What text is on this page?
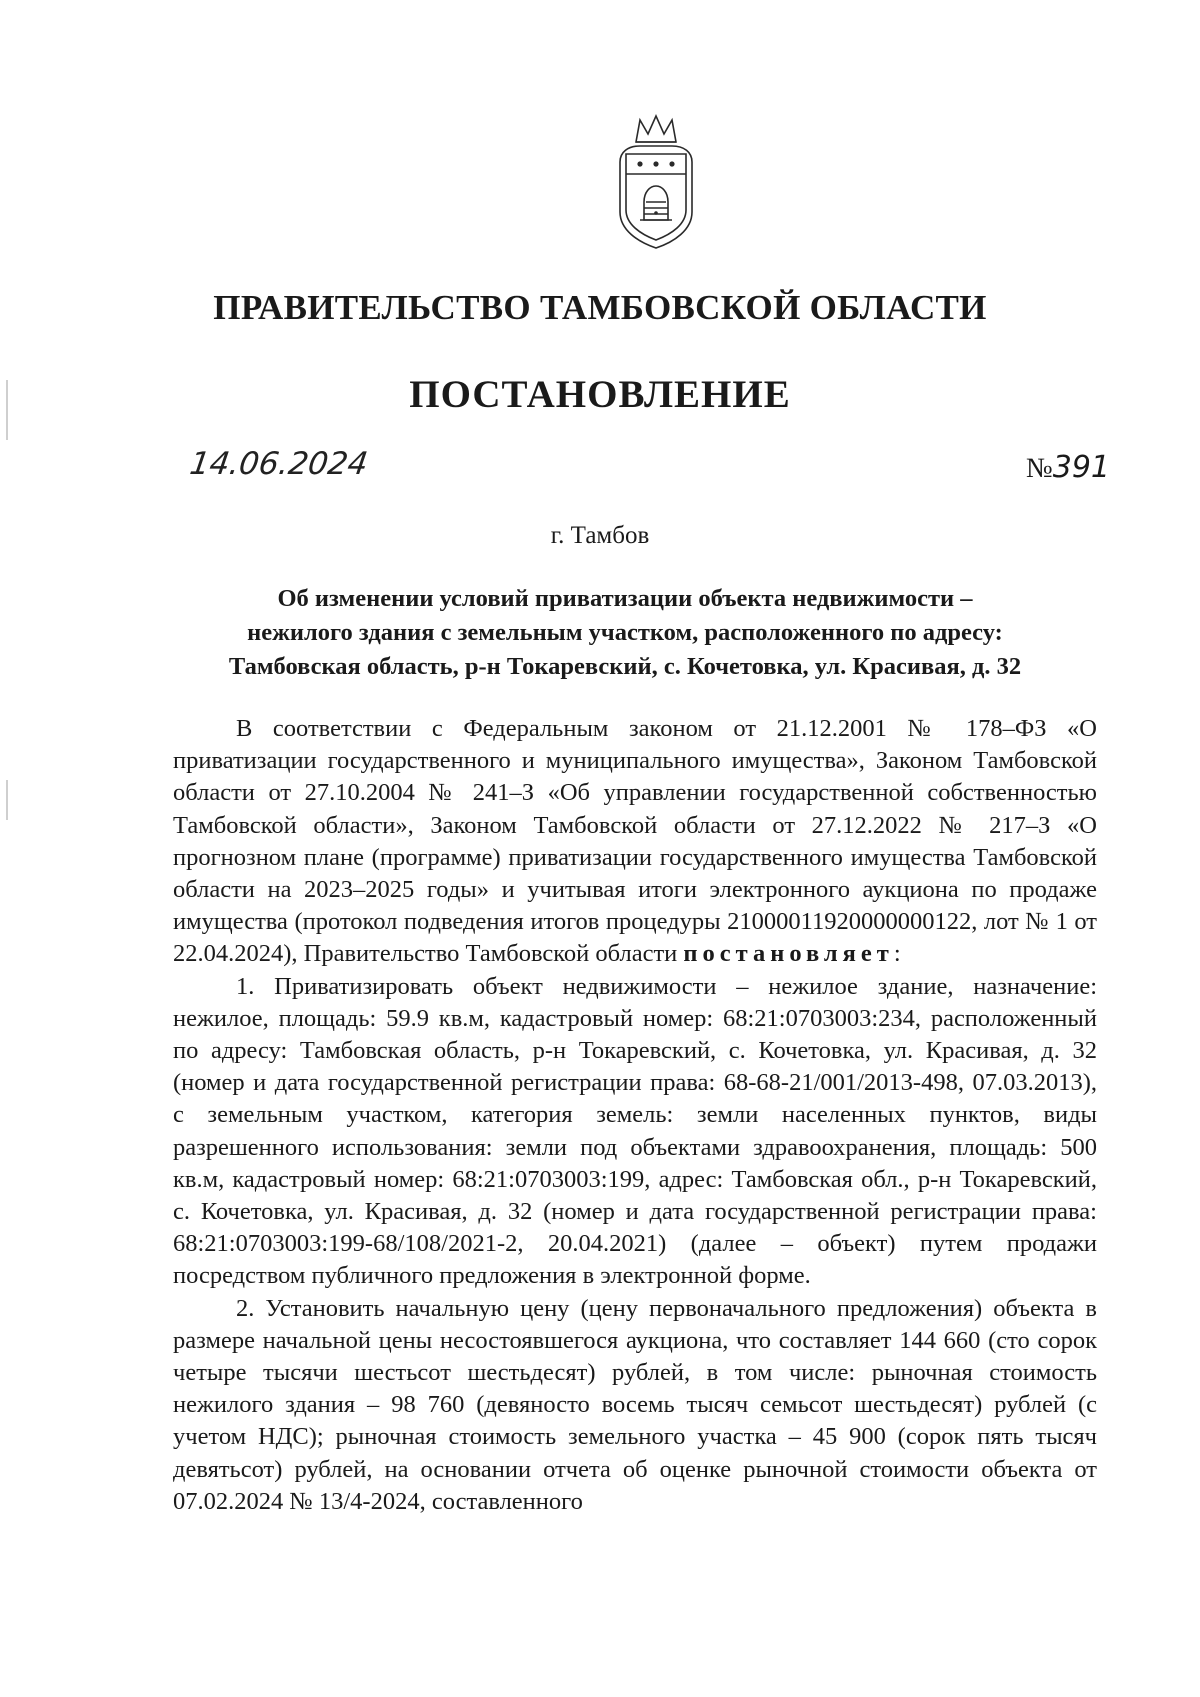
ПРАВИТЕЛЬСТВО ТАМБОВСКОЙ ОБЛАСТИ
ПОСТАНОВЛЕНИЕ
14.06.2024	№391
г. Тамбов
Об изменении условий приватизации объекта недвижимости –
нежилого здания с земельным участком, расположенного по адресу:
Тамбовская область, р-н Токаревский, с. Кочетовка, ул. Красивая, д. 32

В соответствии с Федеральным законом от 21.12.2001 № 178–ФЗ «О приватизации государственного и муниципального имущества», Законом Тамбовской области от 27.10.2004 № 241–З «Об управлении государственной собственностью Тамбовской области», Законом Тамбовской области от 27.12.2022 № 217–З «О прогнозном плане (программе) приватизации государственного имущества Тамбовской области на 2023–2025 годы» и учитывая итоги электронного аукциона по продаже имущества (протокол подведения итогов процедуры 21000011920000000122, лот № 1 от 22.04.2024), Правительство Тамбовской области постановляет:

1. Приватизировать объект недвижимости – нежилое здание, назначение: нежилое, площадь: 59.9 кв.м, кадастровый номер: 68:21:0703003:234, расположенный по адресу: Тамбовская область, р-н Токаревский, с. Кочетовка, ул. Красивая, д. 32 (номер и дата государственной регистрации права: 68-68-21/001/2013-498, 07.03.2013), с земельным участком, категория земель: земли населенных пунктов, виды разрешенного использования: земли под объектами здравоохранения, площадь: 500 кв.м, кадастровый номер: 68:21:0703003:199, адрес: Тамбовская обл., р-н Токаревский, с. Кочетовка, ул. Красивая, д. 32 (номер и дата государственной регистрации права: 68:21:0703003:199-68/108/2021-2, 20.04.2021) (далее – объект) путем продажи посредством публичного предложения в электронной форме.

2. Установить начальную цену (цену первоначального предложения) объекта в размере начальной цены несостоявшегося аукциона, что составляет 144 660 (сто сорок четыре тысячи шестьсот шестьдесят) рублей, в том числе: рыночная стоимость нежилого здания – 98 760 (девяносто восемь тысяч семьсот шестьдесят) рублей (с учетом НДС); рыночная стоимость земельного участка – 45 900 (сорок пять тысяч девятьсот) рублей, на основании отчета об оценке рыночной стоимости объекта от 07.02.2024 № 13/4-2024, составленного
